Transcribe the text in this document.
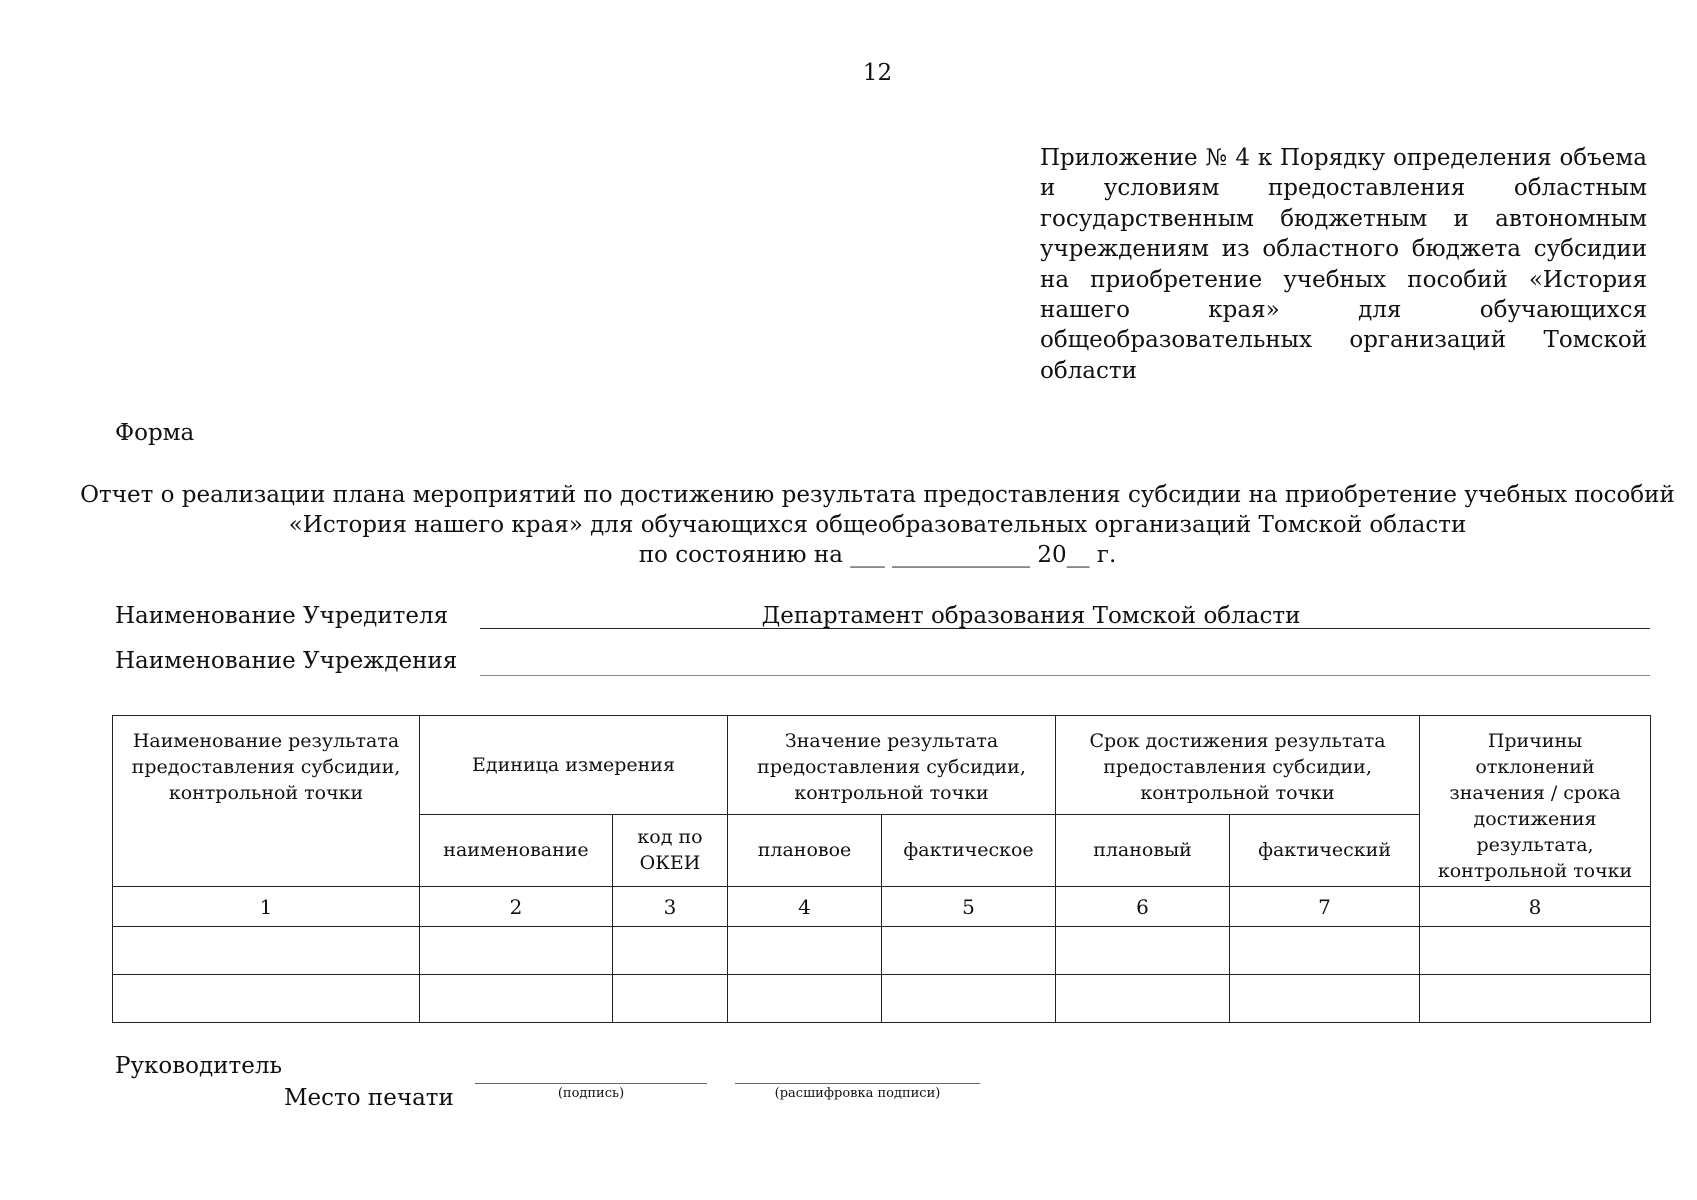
12
Приложение № 4 к Порядку определения объема и условиям предоставления областным государственным бюджетным и автономным учреждениям из областного бюджета субсидии на приобретение учебных пособий «История нашего края» для обучающихся общеобразовательных организаций Томской области
Форма
Отчет о реализации плана мероприятий по достижению результата предоставления субсидии на приобретение учебных пособий
«История нашего края» для обучающихся общеобразовательных организаций Томской области
по состоянию на ___ ____________ 20__ г.
Наименование Учредителя	Департамент образования Томской области
Наименование Учреждения
Наименование результата предоставления субсидии, контрольной точки	Единица измерения		Значение результата предоставления субсидии, контрольной точки		Срок достижения результата предоставления субсидии, контрольной точки		Причины отклонений значения / срока достижения результата, контрольной точки
	наименование	код по ОКЕИ	плановое	фактическое	плановый	фактический	
1	2	3	4	5	6	7	8

Руководитель
Место печати	(подпись)	(расшифровка подписи)
